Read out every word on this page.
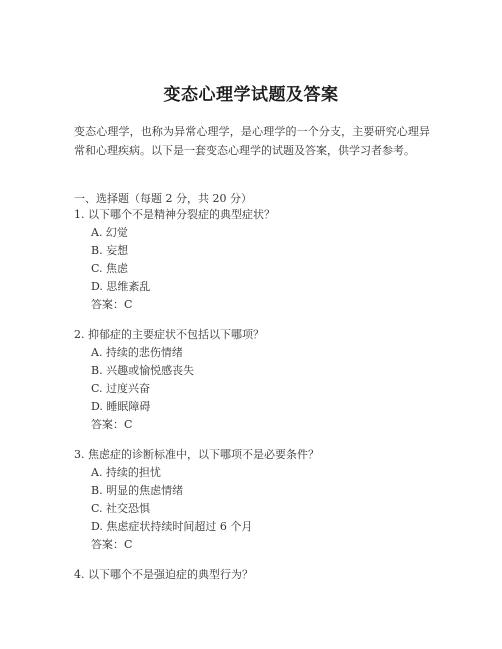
变态心理学试题及答案

变态心理学，也称为异常心理学，是心理学的一个分支，主要研究心理异常和心理疾病。以下是一套变态心理学的试题及答案，供学习者参考。

一、选择题（每题 2 分，共 20 分）
1. 以下哪个不是精神分裂症的典型症状？
A. 幻觉
B. 妄想
C. 焦虑
D. 思维紊乱
答案：C
2. 抑郁症的主要症状不包括以下哪项？
A. 持续的悲伤情绪
B. 兴趣或愉悦感丧失
C. 过度兴奋
D. 睡眠障碍
答案：C
3. 焦虑症的诊断标准中，以下哪项不是必要条件？
A. 持续的担忧
B. 明显的焦虑情绪
C. 社交恐惧
D. 焦虑症状持续时间超过 6 个月
答案：C
4. 以下哪个不是强迫症的典型行为？
